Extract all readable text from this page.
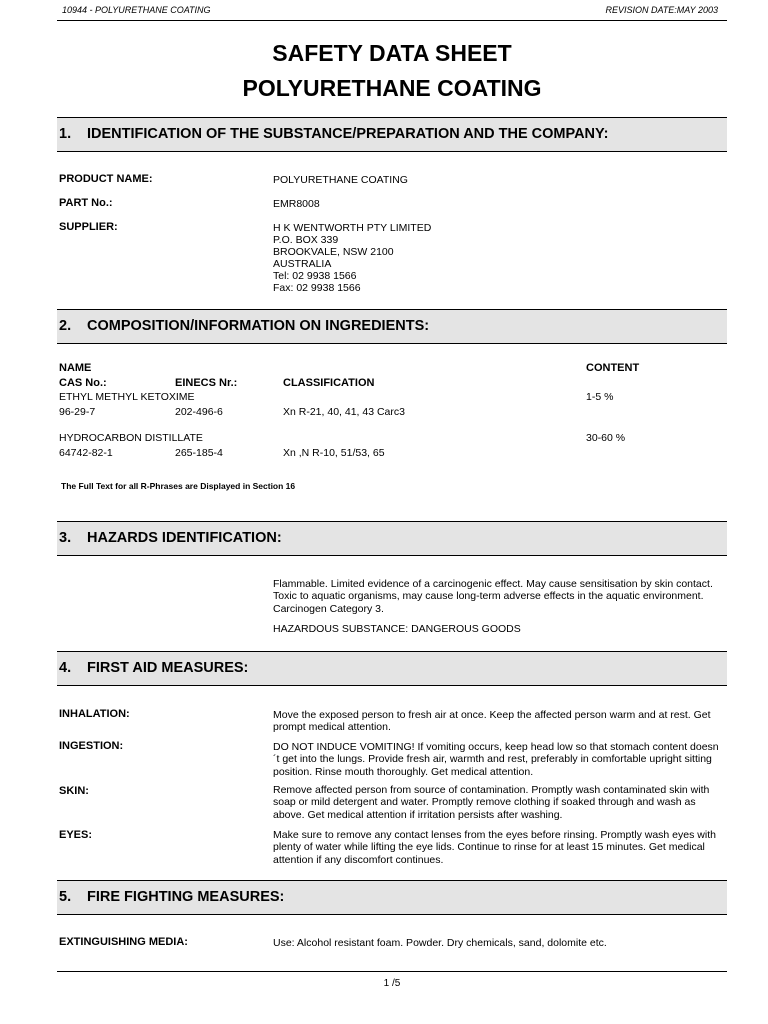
10944 - POLYURETHANE COATING	REVISION DATE:MAY 2003
SAFETY DATA SHEET
POLYURETHANE COATING
1. IDENTIFICATION OF THE SUBSTANCE/PREPARATION AND THE COMPANY:
PRODUCT NAME:	POLYURETHANE COATING
PART No.:	EMR8008
SUPPLIER:	H K WENTWORTH PTY LIMITED
P.O. BOX 339
BROOKVALE, NSW 2100
AUSTRALIA
Tel: 02 9938 1566
Fax: 02 9938 1566
2. COMPOSITION/INFORMATION ON INGREDIENTS:
NAME	CONTENT
CAS No.:	EINECS Nr.:	CLASSIFICATION
ETHYL METHYL KETOXIME	1-5 %
96-29-7	202-496-6	Xn R-21, 40, 41, 43 Carc3
HYDROCARBON DISTILLATE	30-60 %
64742-82-1	265-185-4	Xn ,N R-10, 51/53, 65
The Full Text for all R-Phrases are Displayed in Section 16
3. HAZARDS IDENTIFICATION:
Flammable. Limited evidence of a carcinogenic effect. May cause sensitisation by skin contact. Toxic to aquatic organisms, may cause long-term adverse effects in the aquatic environment. Carcinogen Category 3.
HAZARDOUS SUBSTANCE: DANGEROUS GOODS
4. FIRST AID MEASURES:
INHALATION:	Move the exposed person to fresh air at once. Keep the affected person warm and at rest. Get prompt medical attention.
INGESTION:	DO NOT INDUCE VOMITING! If vomiting occurs, keep head low so that stomach content doesn´t get into the lungs. Provide fresh air, warmth and rest, preferably in comfortable upright sitting position. Rinse mouth thoroughly. Get medical attention.
SKIN:	Remove affected person from source of contamination. Promptly wash contaminated skin with soap or mild detergent and water. Promptly remove clothing if soaked through and wash as above. Get medical attention if irritation persists after washing.
EYES:	Make sure to remove any contact lenses from the eyes before rinsing. Promptly wash eyes with plenty of water while lifting the eye lids. Continue to rinse for at least 15 minutes. Get medical attention if any discomfort continues.
5. FIRE FIGHTING MEASURES:
EXTINGUISHING MEDIA:	Use: Alcohol resistant foam. Powder. Dry chemicals, sand, dolomite etc.
1 /5
